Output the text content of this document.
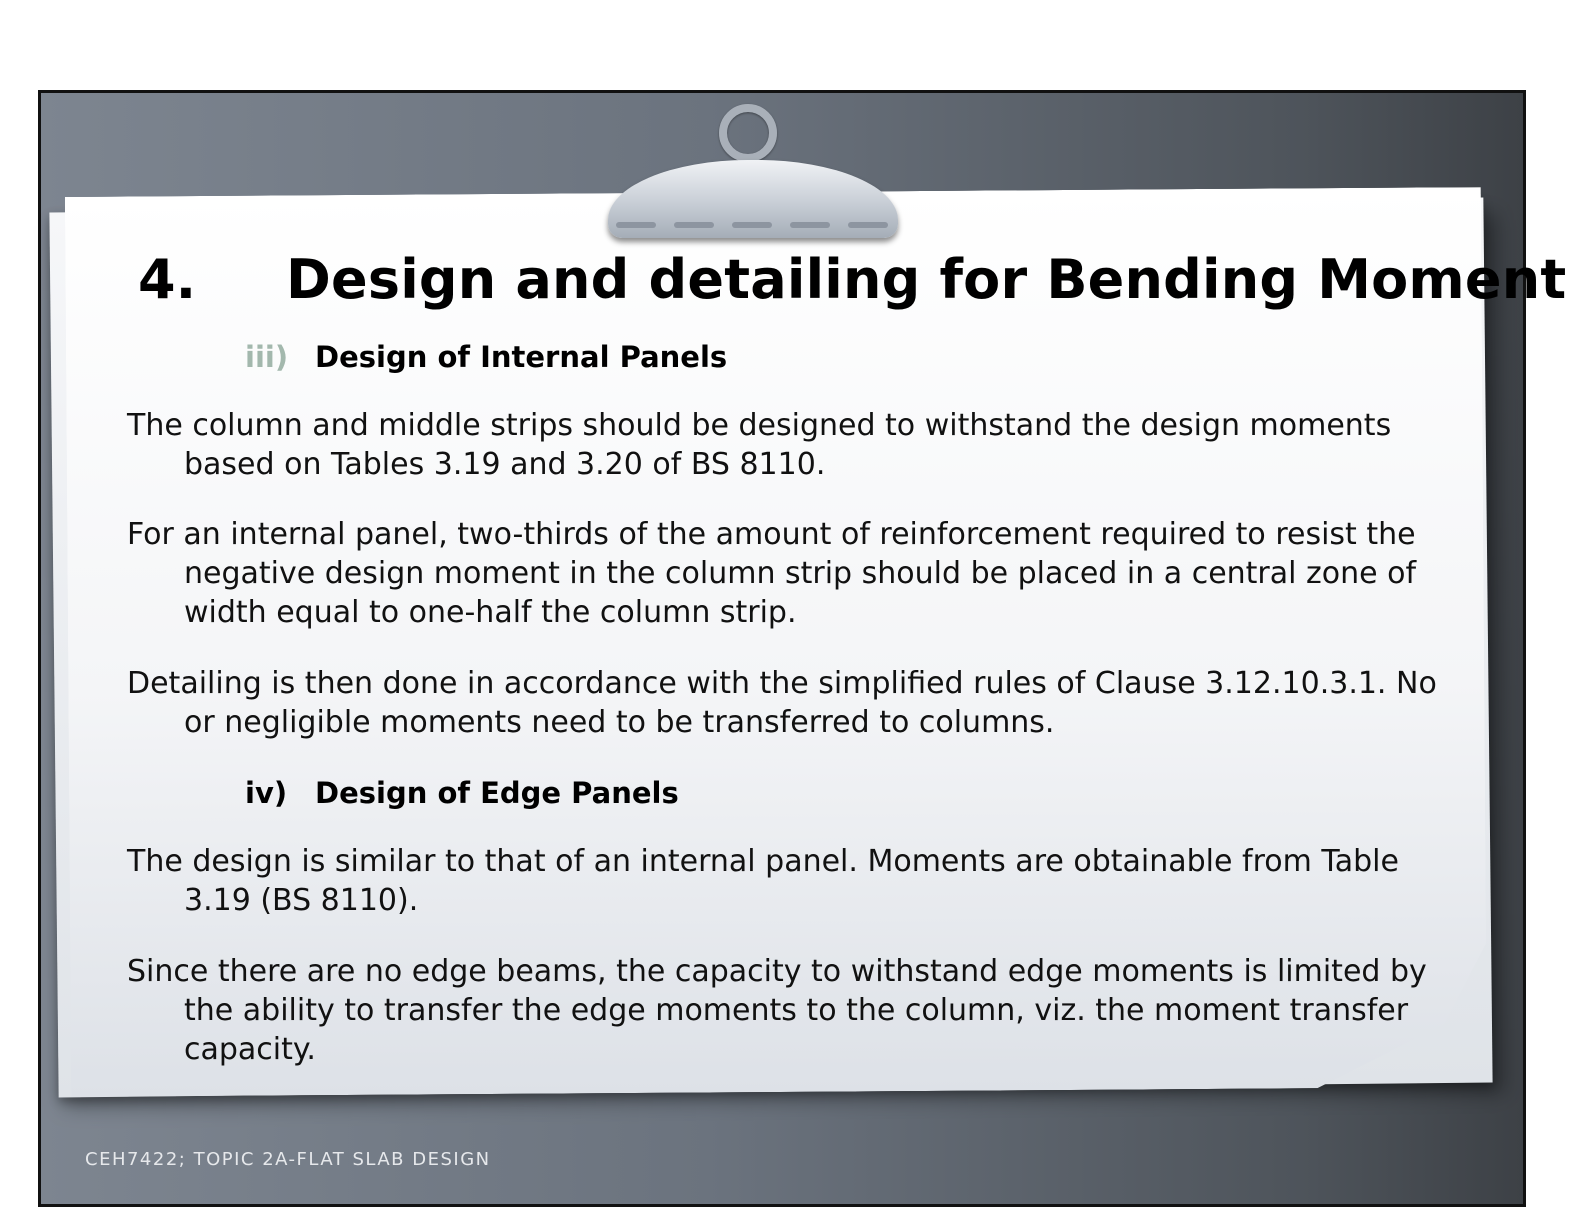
4. Design and detailing for Bending Moment
iii) Design of Internal Panels
The column and middle strips should be designed to withstand the design moments based on Tables 3.19 and 3.20 of BS 8110.
For an internal panel, two-thirds of the amount of reinforcement required to resist the negative design moment in the column strip should be placed in a central zone of width equal to one-half the column strip.
Detailing is then done in accordance with the simplified rules of Clause 3.12.10.3.1. No or negligible moments need to be transferred to columns.
iv) Design of Edge Panels
The design is similar to that of an internal panel. Moments are obtainable from Table 3.19 (BS 8110).
Since there are no edge beams, the capacity to withstand edge moments is limited by the ability to transfer the edge moments to the column, viz. the moment transfer capacity.
CEH7422; TOPIC 2A-FLAT SLAB DESIGN
